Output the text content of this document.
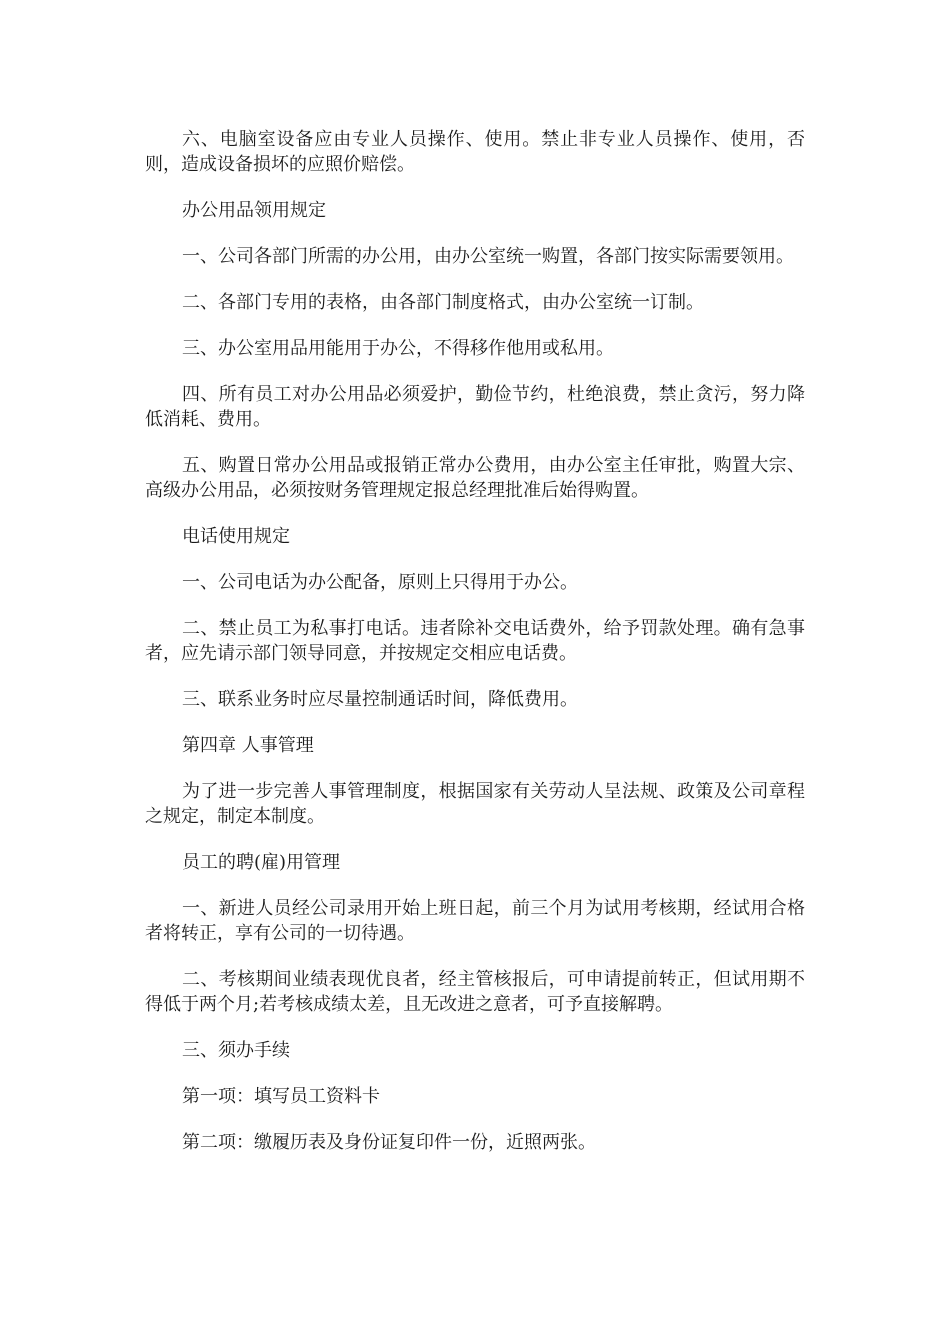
六、电脑室设备应由专业人员操作、使用。禁止非专业人员操作、使用，否则，造成设备损坏的应照价赔偿。

办公用品领用规定

一、公司各部门所需的办公用，由办公室统一购置，各部门按实际需要领用。

二、各部门专用的表格，由各部门制度格式，由办公室统一订制。

三、办公室用品用能用于办公，不得移作他用或私用。

四、所有员工对办公用品必须爱护，勤俭节约，杜绝浪费，禁止贪污，努力降低消耗、费用。

五、购置日常办公用品或报销正常办公费用，由办公室主任审批，购置大宗、高级办公用品，必须按财务管理规定报总经理批准后始得购置。

电话使用规定

一、公司电话为办公配备，原则上只得用于办公。

二、禁止员工为私事打电话。违者除补交电话费外，给予罚款处理。确有急事者，应先请示部门领导同意，并按规定交相应电话费。

三、联系业务时应尽量控制通话时间，降低费用。

第四章 人事管理

为了进一步完善人事管理制度，根据国家有关劳动人呈法规、政策及公司章程之规定，制定本制度。

员工的聘(雇)用管理

一、新进人员经公司录用开始上班日起，前三个月为试用考核期，经试用合格者将转正，享有公司的一切待遇。

二、考核期间业绩表现优良者，经主管核报后，可申请提前转正，但试用期不得低于两个月;若考核成绩太差，且无改进之意者，可予直接解聘。

三、须办手续

第一项：填写员工资料卡

第二项：缴履历表及身份证复印件一份，近照两张。
